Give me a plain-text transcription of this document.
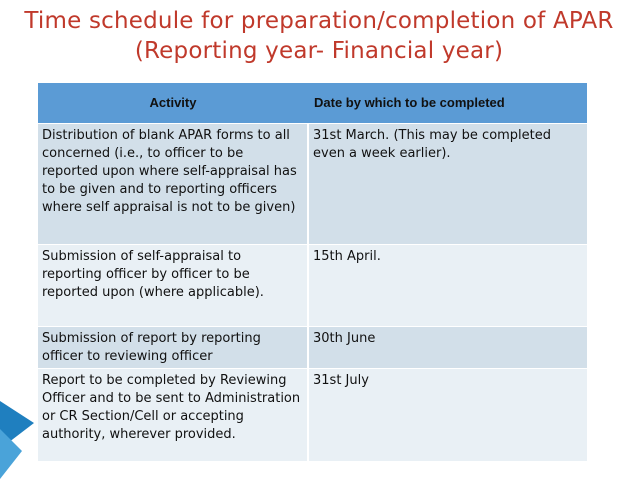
Time schedule for preparation/completion of APAR
(Reporting year- Financial year)
Activity	Date by which to be completed
Distribution of blank APAR forms to all concerned (i.e., to officer to be reported upon where self-appraisal has to be given and to reporting officers where self appraisal is not to be given)	31st March. (This may be completed even a week earlier).
Submission of self-appraisal to reporting officer by officer to be reported upon (where applicable).	15th April.
Submission of report by reporting officer to reviewing officer	30th June
Report to be completed by Reviewing Officer and to be sent to Administration or CR Section/Cell or accepting authority, wherever provided.	31st July
